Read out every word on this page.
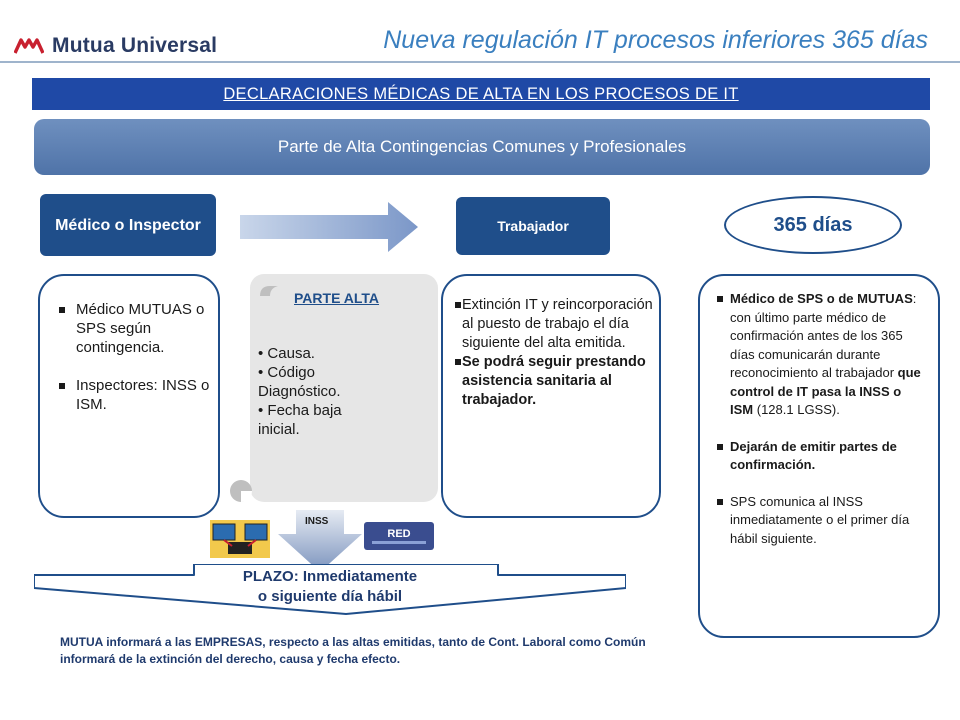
Mutua Universal	Nueva regulación IT procesos inferiores 365 días
DECLARACIONES MÉDICAS DE ALTA EN LOS PROCESOS DE IT
Parte de Alta Contingencias Comunes y Profesionales
Médico o Inspector	Trabajador	365 días
Médico MUTUAS o SPS según contingencia.
Inspectores: INSS o ISM.
PARTE ALTA
• Causa.
• Código Diagnóstico.
• Fecha baja inicial.
Extinción IT y reincorporación al puesto de trabajo el día siguiente del alta emitida.
Se podrá seguir prestando asistencia sanitaria al trabajador.
Médico de SPS o de MUTUAS: con último parte médico de confirmación antes de los 365 días comunicarán durante reconocimiento al trabajador que control de IT pasa la INSS o ISM (128.1 LGSS).
Dejarán de emitir partes de confirmación.
SPS comunica al INSS inmediatamente o el primer día hábil siguiente.
INSS
RED
PLAZO: Inmediatamente
o siguiente día hábil
MUTUA informará a las EMPRESAS, respecto a las altas emitidas, tanto de Cont. Laboral como Común informará de la extinción del derecho, causa y fecha efecto.
